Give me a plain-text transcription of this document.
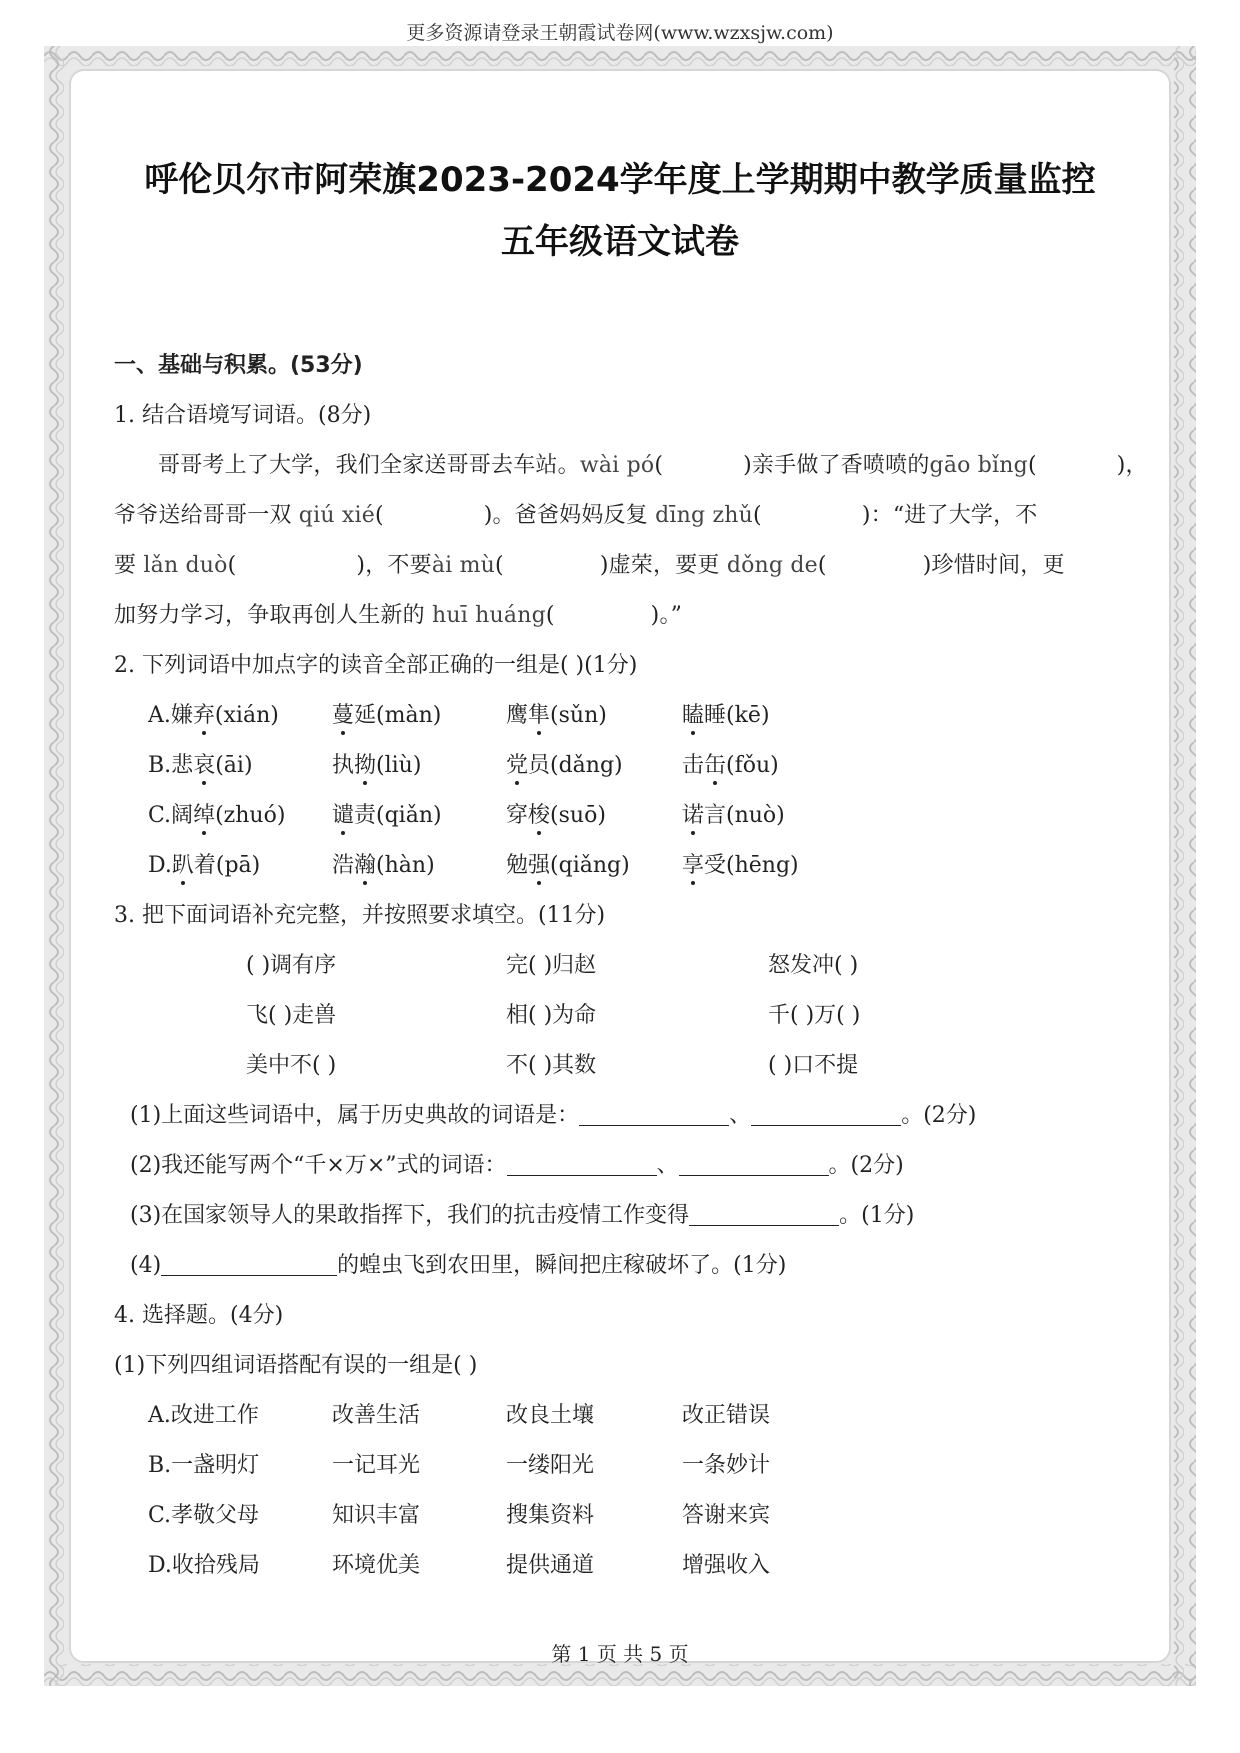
更多资源请登录王朝霞试卷网(www.wzxsjw.com)
呼伦贝尔市阿荣旗2023-2024学年度上学期期中教学质量监控
五年级语文试卷
一、基础与积累。(53分)
1. 结合语境写词语。(8分)
哥哥考上了大学，我们全家送哥哥去车站。wài pó(	)亲手做了香喷喷的gāo bǐng(	)，
爷爷送给哥哥一双 qiú xié(	)。爸爸妈妈反复 dīng zhǔ(	)：“进了大学，不
要 lǎn duò(	)，不要ài mù(	)虚荣，要更 dǒng de(	)珍惜时间，更
加努力学习，争取再创人生新的 huī huáng(	)。”
2. 下列词语中加点字的读音全部正确的一组是( )(1分)
A.嫌弃(xián) 蔓延(màn)	鹰隼(sǔn)	瞌睡(kē)
B.悲哀(āi)	执拗(liù)	党员(dǎng)	击缶(fǒu)
C.阔绰(zhuó) 谴责(qiǎn)	穿梭(suō)	诺言(nuò)
D.趴着(pā)	浩瀚(hàn)	勉强(qiǎng) 享受(hēng)
3. 把下面词语补充完整，并按照要求填空。(11分)
( )调有序	完( )归赵	怒发冲( )
飞( )走兽	相( )为命	千( )万( )
美中不( )	不( )其数	( )口不提
(1)上面这些词语中，属于历史典故的词语是：	、	。(2分)
(2)我还能写两个“千×万×”式的词语：	、	。(2分)
(3)在国家领导人的果敢指挥下，我们的抗击疫情工作变得	。(1分)
(4)	的蝗虫飞到农田里，瞬间把庄稼破坏了。(1分)
4. 选择题。(4分)
(1)下列四组词语搭配有误的一组是( )
A.改进工作	改善生活	改良土壤	改正错误
B.一盏明灯	一记耳光	一缕阳光	一条妙计
C.孝敬父母	知识丰富	搜集资料	答谢来宾
D.收拾残局	环境优美	提供通道	增强收入
第 1 页 共 5 页
